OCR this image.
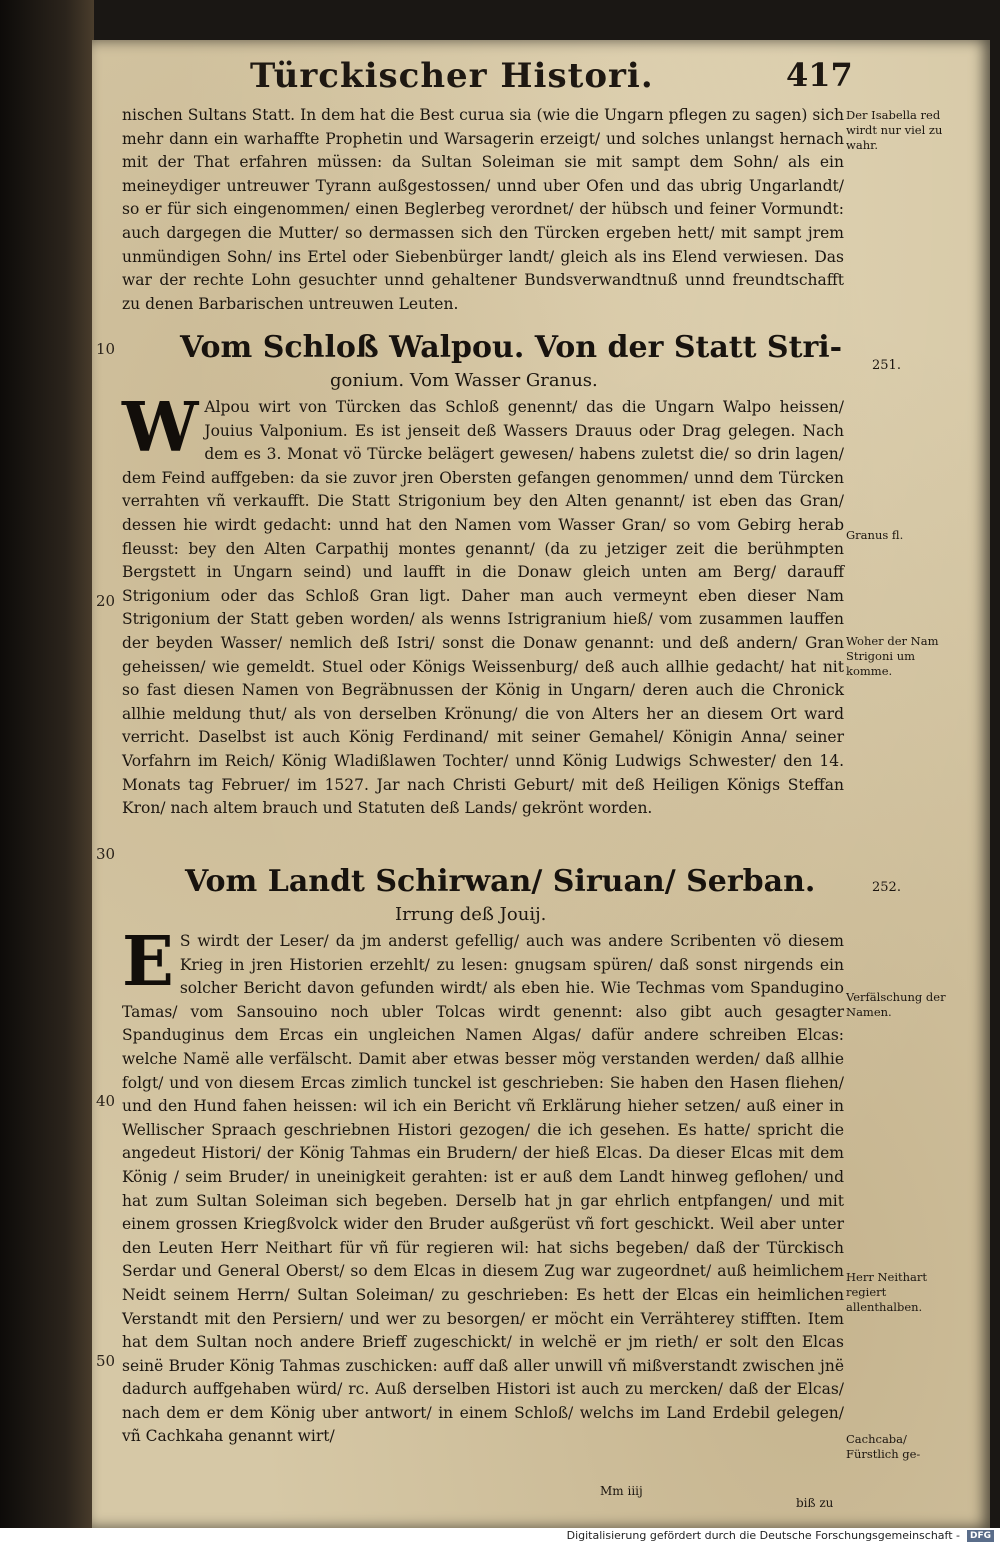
Türckischer Histori.	417

nischen Sultans Statt. In dem hat die Best curua sia (wie die Ungarn pflegen zu sagen) sich mehr dann ein warhaffte Prophetin und Warsagerin erzeigt/ und solches unlangst hernach mit der That erfahren müssen: da Sultan Soleiman sie mit sampt dem Sohn/ als ein meineydiger untreuwer Tyrann außgestossen/ unnd uber Ofen und das ubrig Ungarlandt/ so er für sich eingenommen/ einen Beglerbeg verordnet/ der hübsch und feiner Vormundt: auch dargegen die Mutter/ so dermassen sich den Türcken ergeben hett/ mit sampt jrem unmündigen Sohn/ ins Ertel oder Siebenbürger landt/ gleich als ins Elend verwiesen. Das war der rechte Lohn gesuchter unnd gehaltener Bundsverwandtnuß unnd freundtschafft zu denen Barbarischen untreuwen Leuten.

10 Vom Schloß Walpou. Von der Statt Stri-
251.
gonium. Vom Wasser Granus.
W Alpou wirt von Türcken das Schloß genennt/ das die Ungarn Walpo heissen/ Jouius Valponium. Es ist jenseit deß Wassers Drauus oder Drag gelegen. Nach dem es 3. Monat vö Türcke belägert gewesen/ habens zuletst die/ so drin lagen/ dem Feind auffgeben: da sie zuvor jren Obersten gefangen genommen/ unnd dem Türcken verrahten vñ verkaufft. Die Statt Strigonium bey den Alten genannt/ ist eben das Gran/ dessen hie wirdt gedacht: unnd hat den Namen vom Wasser Gran/ so vom Gebirg herab fleusst: bey den Alten Carpathij montes genannt/ (da zu jetziger zeit die berühmpten Bergstett in Ungarn seind) und laufft in die Donaw gleich unten am Berg/ darauff Strigonium oder das Schloß Gran ligt. Daher man auch vermeynt eben dieser Nam Strigonium der Statt geben worden/ als wenns Istrigranium hieß/ vom zusammen lauffen der beyden Wasser/ nemlich deß Istri/ sonst die Donaw genannt: und deß andern/ Gran geheissen/ wie gemeldt. Stuel oder Königs Weissenburg/ deß auch allhie gedacht/ hat nit so fast diesen Namen von Begräbnussen der König in Ungarn/ deren auch die Chronick allhie meldung thut/ als von derselben Krönung/ die von Alters her an diesem Ort ward verricht. Daselbst ist auch König Ferdinand/ mit seiner Gemahel/ Königin Anna/ seiner Vorfahrn im Reich/ König Wladißlawen Tochter/ unnd König Ludwigs Schwester/ den 14. Monats tag Februer/ im 1527. Jar nach Christi Geburt/ mit deß Heiligen Königs Steffan Kron/ nach altem brauch und Statuten deß Lands/ gekrönt worden.

20
30
Vom Landt Schirwan/ Siruan/ Serban.	252.
Irrung deß Jouij.
E S wirdt der Leser/ da jm anderst gefellig/ auch was andere Scribenten vö diesem Krieg in jren Historien erzehlt/ zu lesen: gnugsam spüren/ daß sonst nirgends ein solcher Bericht davon gefunden wirdt/ als eben hie. Wie Techmas vom Spandugino Tamas/ vom Sansouino noch ubler Tolcas wirdt genennt: also gibt auch gesagter Spanduginus dem Ercas ein ungleichen Namen Algas/ dafür andere schreiben Elcas: welche Namë alle verfälscht. Damit aber etwas besser mög verstanden werden/ daß allhie folgt/ und von diesem Ercas zimlich tunckel ist geschrieben: Sie haben den Hasen fliehen/ und den Hund fahen heissen: wil ich ein Bericht vñ Erklärung hieher setzen/ auß einer in Wellischer Spraach geschriebnen Histori gezogen/ die ich gesehen. Es hatte/ spricht die angedeut Histori/ der König Tahmas ein Brudern/ der hieß Elcas. Da dieser Elcas mit dem König / seim Bruder/ in uneinigkeit gerahten: ist er auß dem Landt hinweg geflohen/ und hat zum Sultan Soleiman sich begeben. Derselb hat jn gar ehrlich entpfangen/ und mit einem grossen Kriegßvolck wider den Bruder außgerüst vñ fort geschickt. Weil aber unter den Leuten Herr Neithart für vñ für regieren wil: hat sichs begeben/ daß der Türckisch Serdar und General Oberst/ so dem Elcas in diesem Zug war zugeordnet/ auß heimlichem Neidt seinem Herrn/ Sultan Soleiman/ zu geschrieben: Es hett der Elcas ein heimlichen Verstandt mit den Persiern/ und wer zu besorgen/ er möcht ein Verrähterey stifften. Item hat dem Sultan noch andere Brieff zugeschickt/ in welchë er jm rieth/ er solt den Elcas seinë Bruder König Tahmas zuschicken: auff daß aller unwill vñ mißverstandt zwischen jnë dadurch auffgehaben würd/ rc. Auß derselben Histori ist auch zu mercken/ daß der Elcas/ nach dem er dem König uber antwort/ in einem Schloß/ welchs im Land Erdebil gelegen/ vñ Cachkaha genannt wirt/

40
50
Der Isabella red wirdt nur viel zu wahr.
Granus fl.
Woher der Nam Strigoni um komme.
Verfälschung der Namen.
Herr Neithart regiert allenthalben.
Cachcaba/ Fürstlich ge-
Mm iiij
biß zu
Digitalisierung gefördert durch die Deutsche Forschungsgemeinschaft -	DFG
